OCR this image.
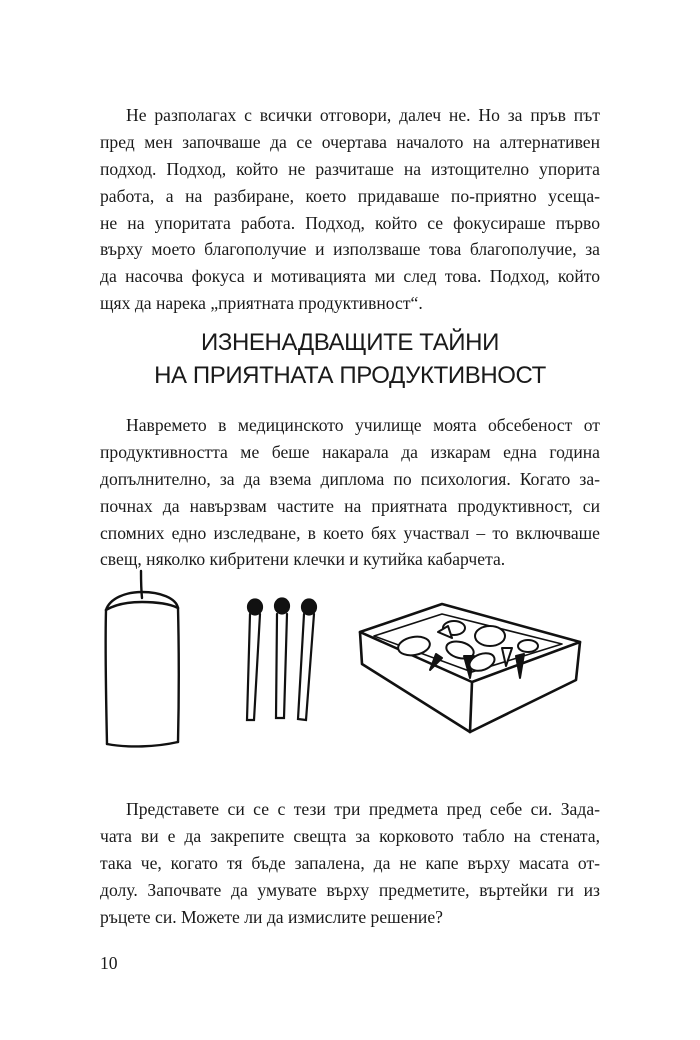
Не разполагах с всички отговори, далеч не. Но за пръв път
пред мен започваше да се очертава началото на алтернативен
подход. Подход, който не разчиташе на изтощително упорита
работа, а на разбиране, което придаваше по-приятно усеща-
не на упоритата работа. Подход, който се фокусираше първо
върху моето благополучие и използваше това благополучие, за
да насочва фокуса и мотивацията ми след това. Подход, който
щях да нарека „приятната продуктивност“.
ИЗНЕНАДВАЩИТЕ ТАЙНИ
НА ПРИЯТНАТА ПРОДУКТИВНОСТ
Навремето в медицинското училище моята обсебеност от
продуктивността ме беше накарала да изкарам една година
допълнително, за да взема диплома по психология. Когато за-
почнах да навързвам частите на приятната продуктивност, си
спомних едно изследване, в което бях участвал – то включваше
свещ, няколко кибритени клечки и кутийка кабарчета.
Представете си се с тези три предмета пред себе си. Зада-
чата ви е да закрепите свещта за корковото табло на стената,
така че, когато тя бъде запалена, да не капе върху масата от-
долу. Започвате да умувате върху предметите, въртейки ги из
ръцете си. Можете ли да измислите решение?
10
